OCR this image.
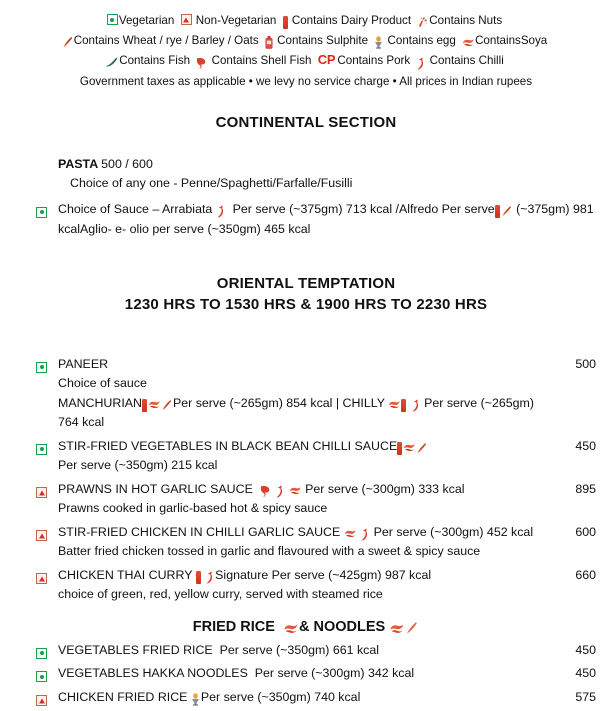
Vegetarian Non-Vegetarian Contains Dairy Product Contains Nuts
Contains Wheat / rye / Barley / Oats Contains Sulphite Contains egg ContainsSoya
Contains Fish Contains Shell Fish CP Contains Pork Contains Chilli
Government taxes as applicable • we levy no service charge • All prices in Indian rupees
CONTINENTAL SECTION
PASTA 500 / 600
Choice of any one - Penne/Spaghetti/Farfalle/Fusilli
Choice of Sauce – Arrabiata Per serve (~375gm) 713 kcal /Alfredo Per serve (~375gm) 981 kcalAglio- e- olio per serve (~350gm) 465 kcal
ORIENTAL TEMPTATION
1230 HRS TO 1530 HRS & 1900 HRS TO 2230 HRS
PANEER
Choice of sauce
MANCHURIAN	Per serve (~265gm) 854 kcal | CHILLY
	Per serve (~265gm) 764 kcal
500
STIR-FRIED VEGETABLES IN BLACK BEAN CHILLI SAUCE
Per serve (~350gm) 215 kcal
450
PRAWNS IN HOT GARLIC SAUCE

	Per serve (~300gm) 333 kcal
Prawns cooked in garlic-based hot & spicy sauce
895
STIR-FRIED CHICKEN IN CHILLI GARLIC SAUCE
	Per serve (~300gm) 452 kcal
Batter fried chicken tossed in garlic and flavoured with a sweet & spicy sauce
600
CHICKEN THAI CURRY Signature Per serve (~425gm) 987 kcal
choice of green, red, yellow curry, served with steamed rice
660
FRIED RICE & NOODLES
VEGETABLES FRIED RICE Per serve (~350gm) 661 kcal	450
VEGETABLES HAKKA NOODLES Per serve (~300gm) 342 kcal	450
CHICKEN FRIED RICE Per serve (~350gm) 740 kcal	575
